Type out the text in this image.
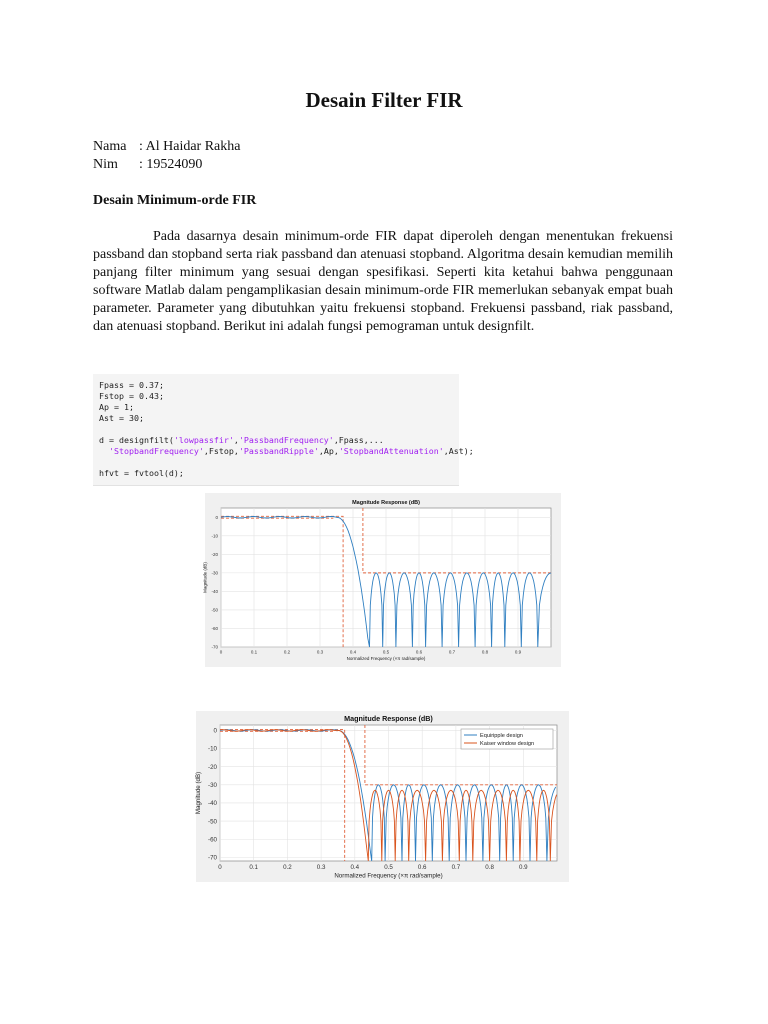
Desain Filter FIR
Nama : Al Haidar Rakha
Nim : 19524090
Desain Minimum-orde FIR
Pada dasarnya desain minimum-orde FIR dapat diperoleh dengan menentukan frekuensi passband dan stopband serta riak passband dan atenuasi stopband. Algoritma desain kemudian memilih panjang filter minimum yang sesuai dengan spesifikasi. Seperti kita ketahui bahwa penggunaan software Matlab dalam pengamplikasian desain minimum-orde FIR memerlukan sebanyak empat buah parameter. Parameter yang dibutuhkan yaitu frekuensi stopband. Frekuensi passband, riak passband, dan atenuasi stopband. Berikut ini adalah fungsi pemograman untuk designfilt.
Fpass = 0.37;
Fstop = 0.43;
Ap = 1;
Ast = 30;
d = designfilt('lowpassfir','PassbandFrequency',Fpass,...
'StopbandFrequency',Fstop,'PassbandRipple',Ap,'StopbandAttenuation',Ast);
hfvt = fvtool(d);
0	0.1	0.2	0.3	0.4	0.5	0.6	0.7	0.8	0.9
0
-10
-20
-30
-40
-50
-60
-70
Magnitude Response (dB)
Normalized Frequency (×π rad/sample)
Magnitude (dB)
0	0.1	0.2	0.3	0.4	0.5	0.6	0.7	0.8	0.9
0
-10
-20
-30
-40
-50
-60
-70
Magnitude Response (dB)
Normalized Frequency (×π rad/sample)
Magnitude (dB)
Equiripple design
Kaiser window design
